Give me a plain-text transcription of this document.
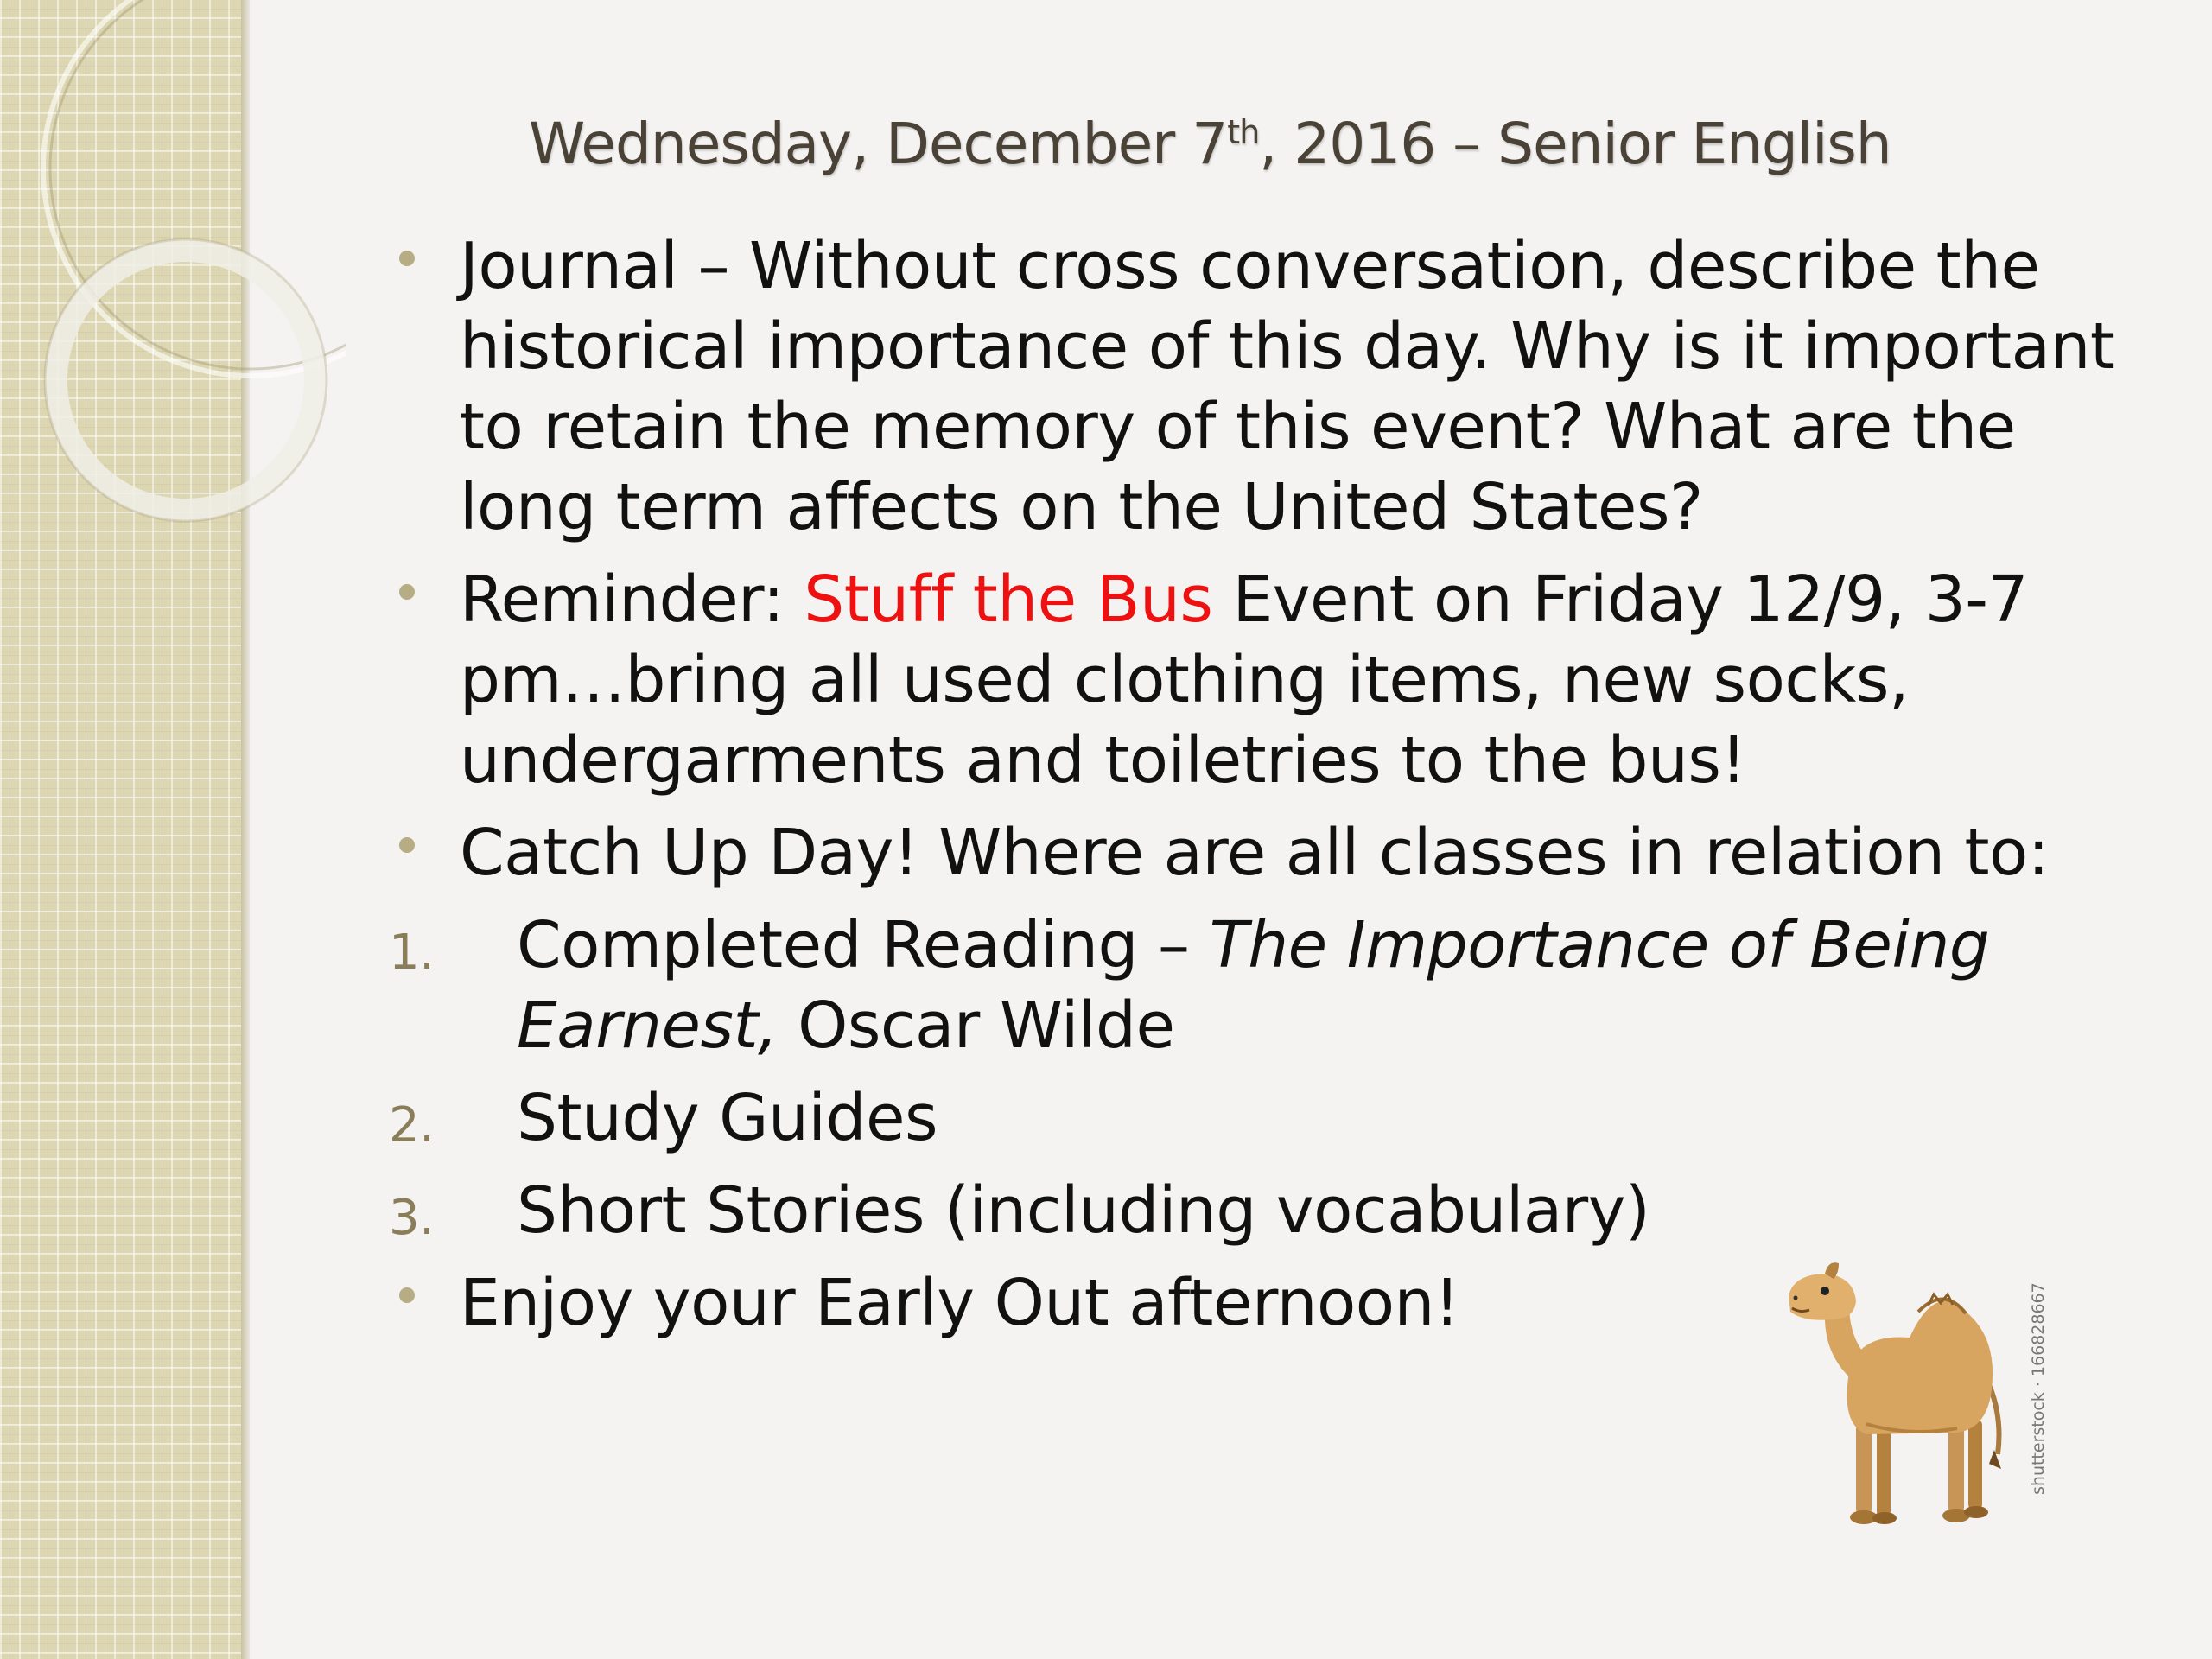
Wednesday, December 7th, 2016 – Senior English
Journal – Without cross conversation, describe the historical importance of this day. Why is it important to retain the memory of this event? What are the long term affects on the United States?
Reminder: Stuff the Bus Event on Friday 12/9, 3-7 pm…bring all used clothing items, new socks, undergarments and toiletries to the bus!
Catch Up Day! Where are all classes in relation to:
1. Completed Reading – The Importance of Being Earnest, Oscar Wilde
2. Study Guides
3. Short Stories (including vocabulary)
Enjoy your Early Out afternoon!	shutterstock · 166828667
